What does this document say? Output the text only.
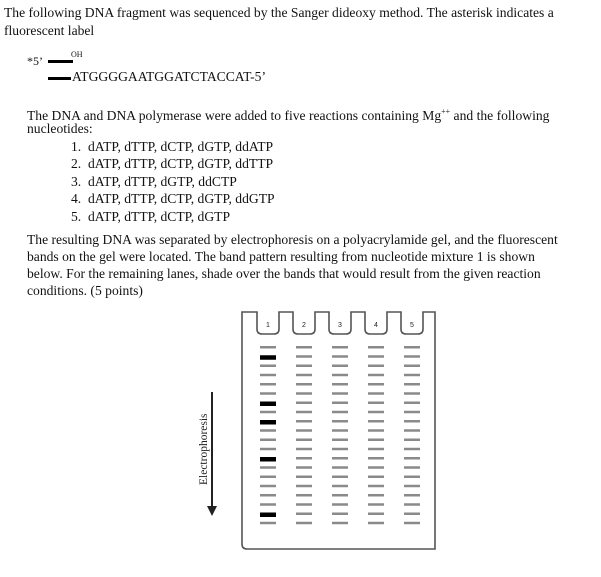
The following DNA fragment was sequenced by the Sanger dideoxy method. The asterisk indicates a
fluorescent label
*5’	OH
ATGGGGAATGGATCTACCAT-5’
The DNA and DNA polymerase were added to five reactions containing Mg++ and the following
nucleotides:
1. dATP, dTTP, dCTP, dGTP, ddATP
2. dATP, dTTP, dCTP, dGTP, ddTTP
3. dATP, dTTP, dGTP, ddCTP
4. dATP, dTTP, dCTP, dGTP, ddGTP
5. dATP, dTTP, dCTP, dGTP
The resulting DNA was separated by electrophoresis on a polyacrylamide gel, and the fluorescent
bands on the gel were located. The band pattern resulting from nucleotide mixture 1 is shown
below. For the remaining lanes, shade over the bands that would result from the given reaction
conditions. (5 points)
1	2	3	4	5
Electrophoresis
